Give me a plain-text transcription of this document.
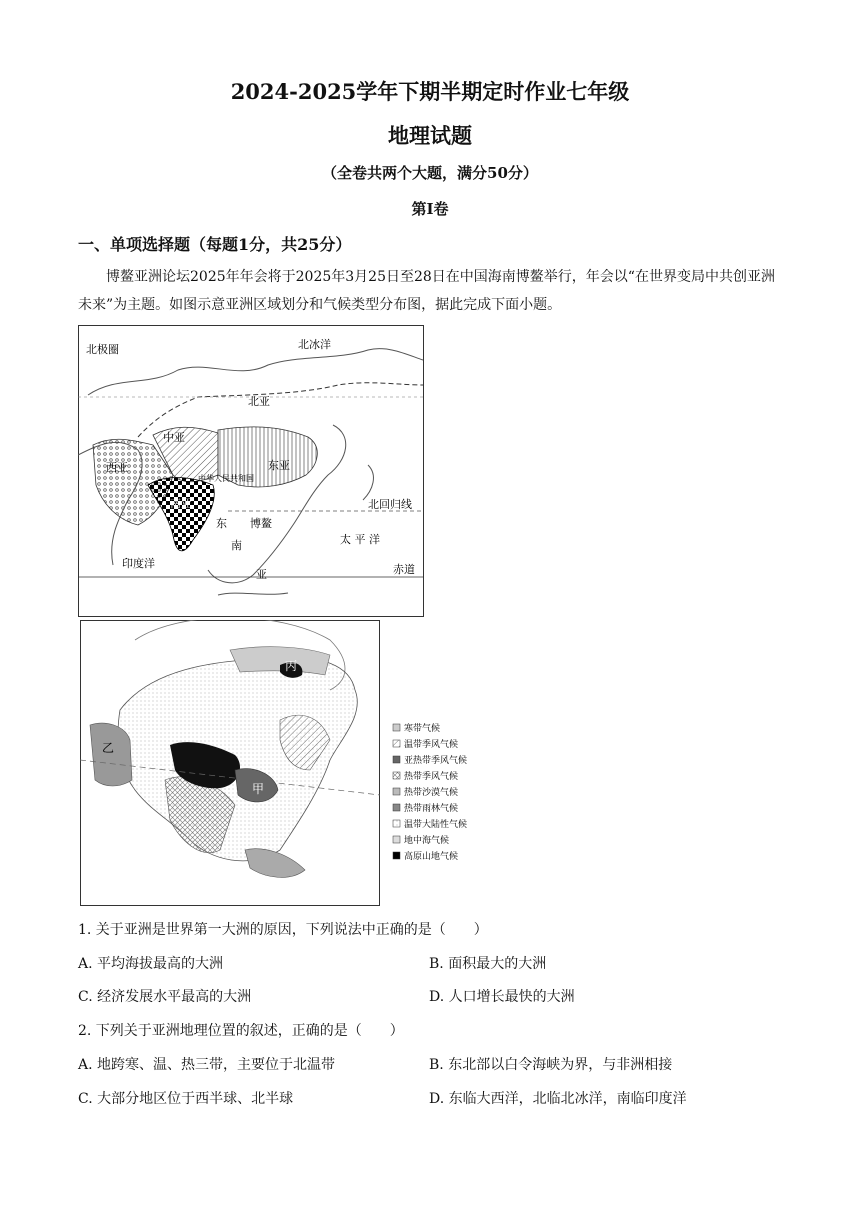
2024-2025学年下期半期定时作业七年级
地理试题
（全卷共两个大题，满分50分）
第Ⅰ卷
一、单项选择题（每题1分，共25分）
博鳌亚洲论坛2025年年会将于2025年3月25日至28日在中国海南博鳌举行，年会以“在世界变局中共创亚洲未来”为主题。如图示意亚洲区域划分和气候类型分布图，据此完成下面小题。
北极圈	北冰洋
北亚
中亚
西亚	东亚
中华人民共和国
南亚	北回归线
博鳌
东
南
亚
太 平 洋
印度洋	赤道
乙
甲
丙
寒带气候
温带季风气候
亚热带季风气候
热带季风气候
热带沙漠气候
热带雨林气候
温带大陆性气候
地中海气候
高原山地气候
1. 关于亚洲是世界第一大洲的原因，下列说法中正确的是（　　）
A. 平均海拔最高的大洲	B. 面积最大的大洲
C. 经济发展水平最高的大洲	D. 人口增长最快的大洲
2. 下列关于亚洲地理位置的叙述，正确的是（　　）
A. 地跨寒、温、热三带，主要位于北温带	B. 东北部以白令海峡为界，与非洲相接
C. 大部分地区位于西半球、北半球	D. 东临大西洋，北临北冰洋，南临印度洋
